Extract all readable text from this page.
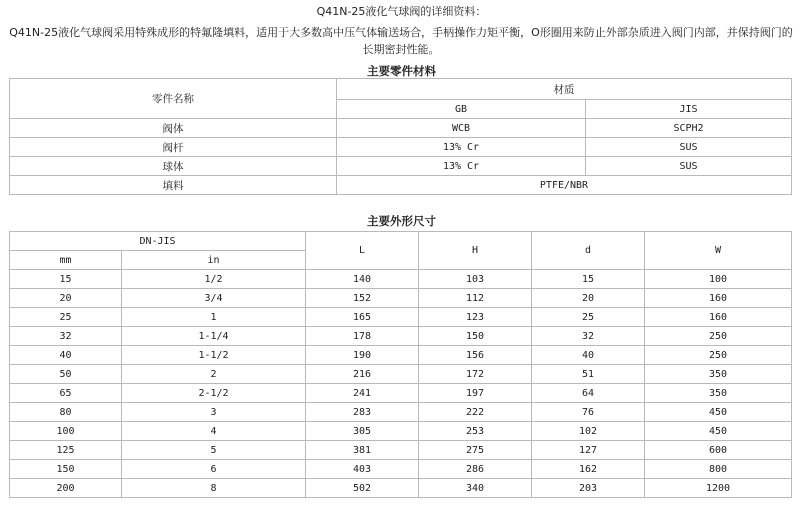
Q41N-25液化气球阀的详细资料：
Q41N-25液化气球阀采用特殊成形的特氟隆填料，适用于大多数高中压气体输送场合，手柄操作力矩平衡，O形圈用来防止外部杂质进入阀门内部，并保持阀门的长期密封性能。
主要零件材料
零件名称	材质	
	GB	JIS
阀体	WCB	SCPH2
阀杆	13% Cr	SUS
球体	13% Cr	SUS
填料	PTFE/NBR	
主要外形尺寸
DN-JIS		L	H	d	W
mm	in				
15	1/2	140	103	15	100
20	3/4	152	112	20	160
25	1	165	123	25	160
32	1-1/4	178	150	32	250
40	1-1/2	190	156	40	250
50	2	216	172	51	350
65	2-1/2	241	197	64	350
80	3	283	222	76	450
100	4	305	253	102	450
125	5	381	275	127	600
150	6	403	286	162	800
200	8	502	340	203	1200
